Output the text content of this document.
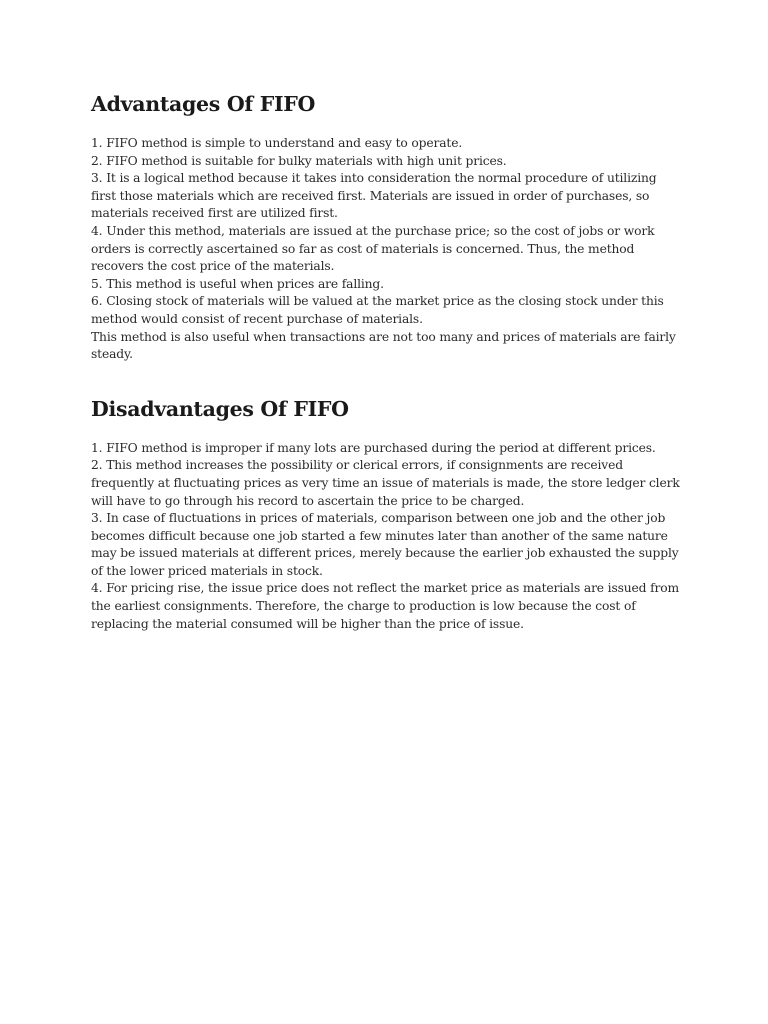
Advantages Of FIFO

1. FIFO method is simple to understand and easy to operate.

2. FIFO method is suitable for bulky materials with high unit prices.

3. It is a logical method because it takes into consideration the normal procedure of utilizing first those materials which are received first. Materials are issued in order of purchases, so materials received first are utilized first.

4. Under this method, materials are issued at the purchase price; so the cost of jobs or work orders is correctly ascertained so far as cost of materials is concerned. Thus, the method recovers the cost price of the materials.

5. This method is useful when prices are falling.

6. Closing stock of materials will be valued at the market price as the closing stock under this method would consist of recent purchase of materials.

This method is also useful when transactions are not too many and prices of materials are fairly steady.

Disadvantages Of FIFO

1. FIFO method is improper if many lots are purchased during the period at different prices.

2. This method increases the possibility or clerical errors, if consignments are received frequently at fluctuating prices as very time an issue of materials is made, the store ledger clerk will have to go through his record to ascertain the price to be charged.

3. In case of fluctuations in prices of materials, comparison between one job and the other job becomes difficult because one job started a few minutes later than another of the same nature may be issued materials at different prices, merely because the earlier job exhausted the supply of the lower priced materials in stock.

4. For pricing rise, the issue price does not reflect the market price as materials are issued from the earliest consignments. Therefore, the charge to production is low because the cost of replacing the material consumed will be higher than the price of issue.
